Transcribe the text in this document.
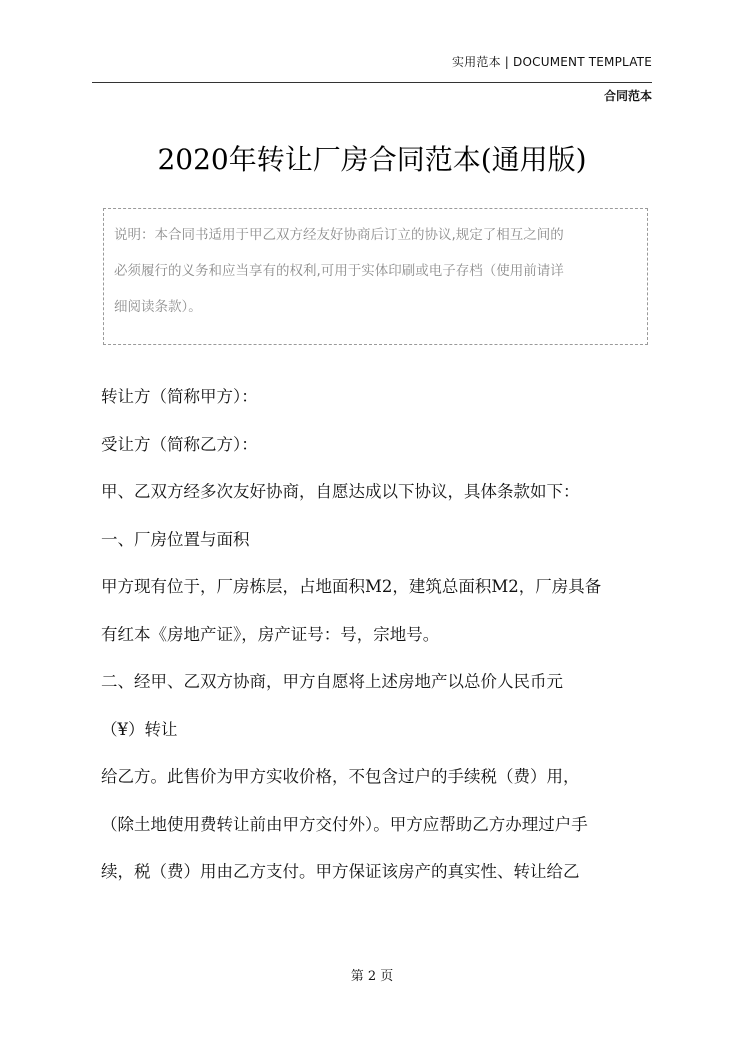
实用范本 | DOCUMENT TEMPLATE
合同范本
2020年转让厂房合同范本(通用版)
说明：本合同书适用于甲乙双方经友好协商后订立的协议,规定了相互之间的
必须履行的义务和应当享有的权利,可用于实体印刷或电子存档（使用前请详
细阅读条款）。

转让方（简称甲方）：

受让方（简称乙方）：

甲、乙双方经多次友好协商，自愿达成以下协议，具体条款如下：

一、厂房位置与面积

甲方现有位于，厂房栋层，占地面积M2，建筑总面积M2，厂房具备

有红本《房地产证》，房产证号：号，宗地号。

二、经甲、乙双方协商，甲方自愿将上述房地产以总价人民币元

（¥）转让

给乙方。此售价为甲方实收价格，不包含过户的手续税（费）用，

（除土地使用费转让前由甲方交付外）。甲方应帮助乙方办理过户手

续，税（费）用由乙方支付。甲方保证该房产的真实性、转让给乙

第 2 页
